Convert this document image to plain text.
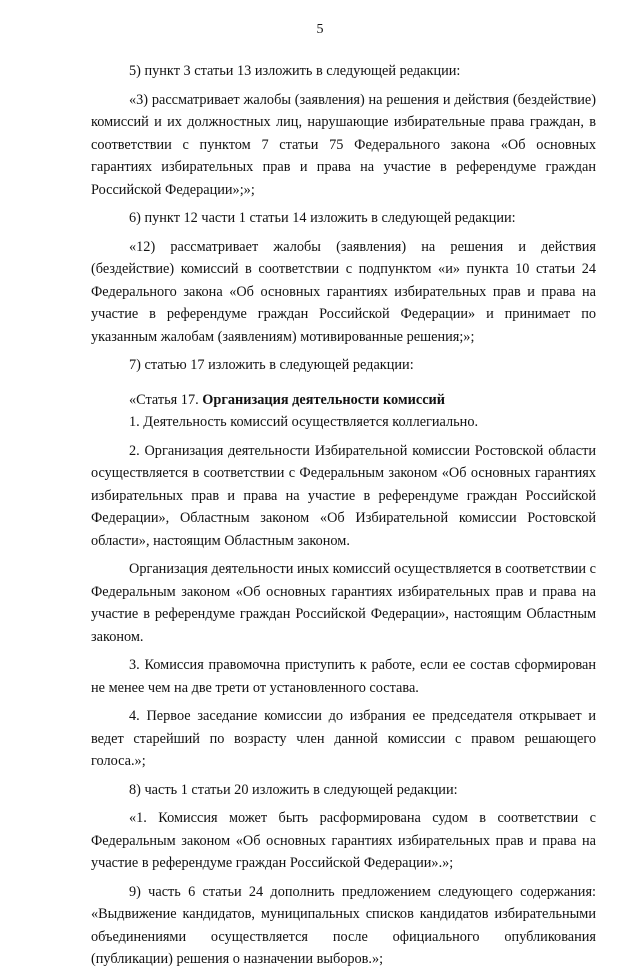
5

5) пункт 3 статьи 13 изложить в следующей редакции:

«3) рассматривает жалобы (заявления) на решения и действия (бездействие) комиссий и их должностных лиц, нарушающие избирательные права граждан, в соответствии с пунктом 7 статьи 75 Федерального закона «Об основных гарантиях избирательных прав и права на участие в референдуме граждан Российской Федерации»;»;

6) пункт 12 части 1 статьи 14 изложить в следующей редакции:

«12) рассматривает жалобы (заявления) на решения и действия (бездействие) комиссий в соответствии с подпунктом «и» пункта 10 статьи 24 Федерального закона «Об основных гарантиях избирательных прав и права на участие в референдуме граждан Российской Федерации» и принимает по указанным жалобам (заявлениям) мотивированные решения;»;

7) статью 17 изложить в следующей редакции:

«Статья 17. Организация деятельности комиссий

1. Деятельность комиссий осуществляется коллегиально.

2. Организация деятельности Избирательной комиссии Ростовской области осуществляется в соответствии с Федеральным законом «Об основных гарантиях избирательных прав и права на участие в референдуме граждан Российской Федерации», Областным законом «Об Избирательной комиссии Ростовской области», настоящим Областным законом.

Организация деятельности иных комиссий осуществляется в соответствии с Федеральным законом «Об основных гарантиях избирательных прав и права на участие в референдуме граждан Российской Федерации», настоящим Областным законом.

3. Комиссия правомочна приступить к работе, если ее состав сформирован не менее чем на две трети от установленного состава.

4. Первое заседание комиссии до избрания ее председателя открывает и ведет старейший по возрасту член данной комиссии с правом решающего голоса.»;

8) часть 1 статьи 20 изложить в следующей редакции:

«1. Комиссия может быть расформирована судом в соответствии с Федеральным законом «Об основных гарантиях избирательных прав и права на участие в референдуме граждан Российской Федерации».»;

9) часть 6 статьи 24 дополнить предложением следующего содержания: «Выдвижение кандидатов, муниципальных списков кандидатов избирательными объединениями осуществляется после официального опубликования (публикации) решения о назначении выборов.»;
